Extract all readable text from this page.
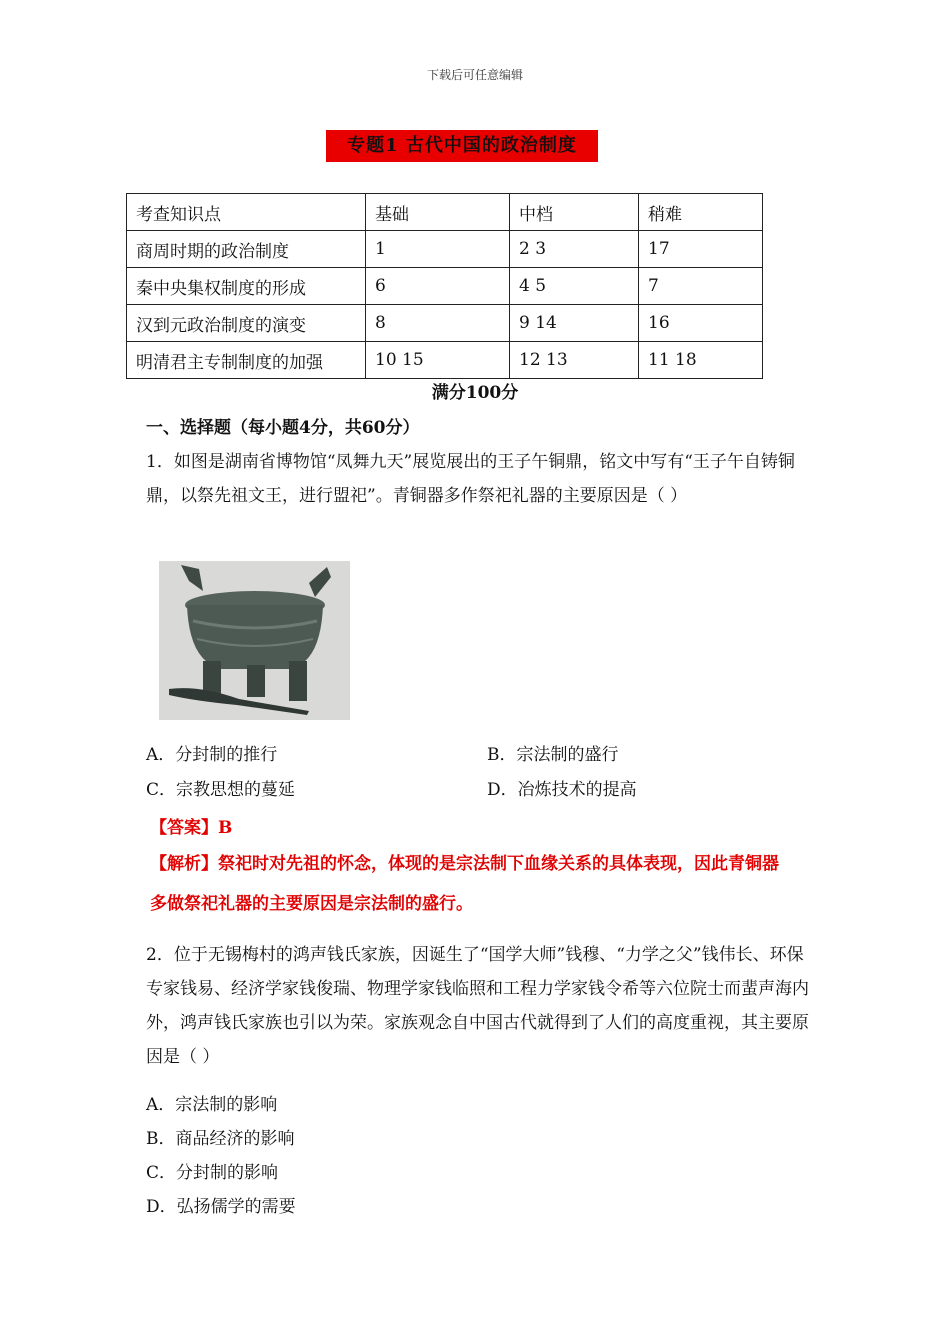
下载后可任意编辑
专题1 古代中国的政治制度
考查知识点	基础	中档	稍难
商周时期的政治制度	1	2 3	17
秦中央集权制度的形成	6	4 5	7
汉到元政治制度的演变	8	9 14	16
明清君主专制制度的加强	10 15	12 13	11 18
满分100分
一、选择题（每小题4分，共60分）
1．如图是湖南省博物馆“凤舞九天”展览展出的王子午铜鼎，铭文中写有“王子午自铸铜鼎，以祭先祖文王，进行盟祀”。青铜器多作祭祀礼器的主要原因是（ ）
A．分封制的推行	B．宗法制的盛行
C．宗教思想的蔓延	D．冶炼技术的提高
【答案】B
【解析】祭祀时对先祖的怀念，体现的是宗法制下血缘关系的具体表现，因此青铜器多做祭祀礼器的主要原因是宗法制的盛行。
2．位于无锡梅村的鸿声钱氏家族，因诞生了“国学大师”钱穆、“力学之父”钱伟长、环保专家钱易、经济学家钱俊瑞、物理学家钱临照和工程力学家钱令希等六位院士而蜚声海内外，鸿声钱氏家族也引以为荣。家族观念自中国古代就得到了人们的高度重视，其主要原因是（ ）
A．宗法制的影响
B．商品经济的影响
C．分封制的影响
D．弘扬儒学的需要
